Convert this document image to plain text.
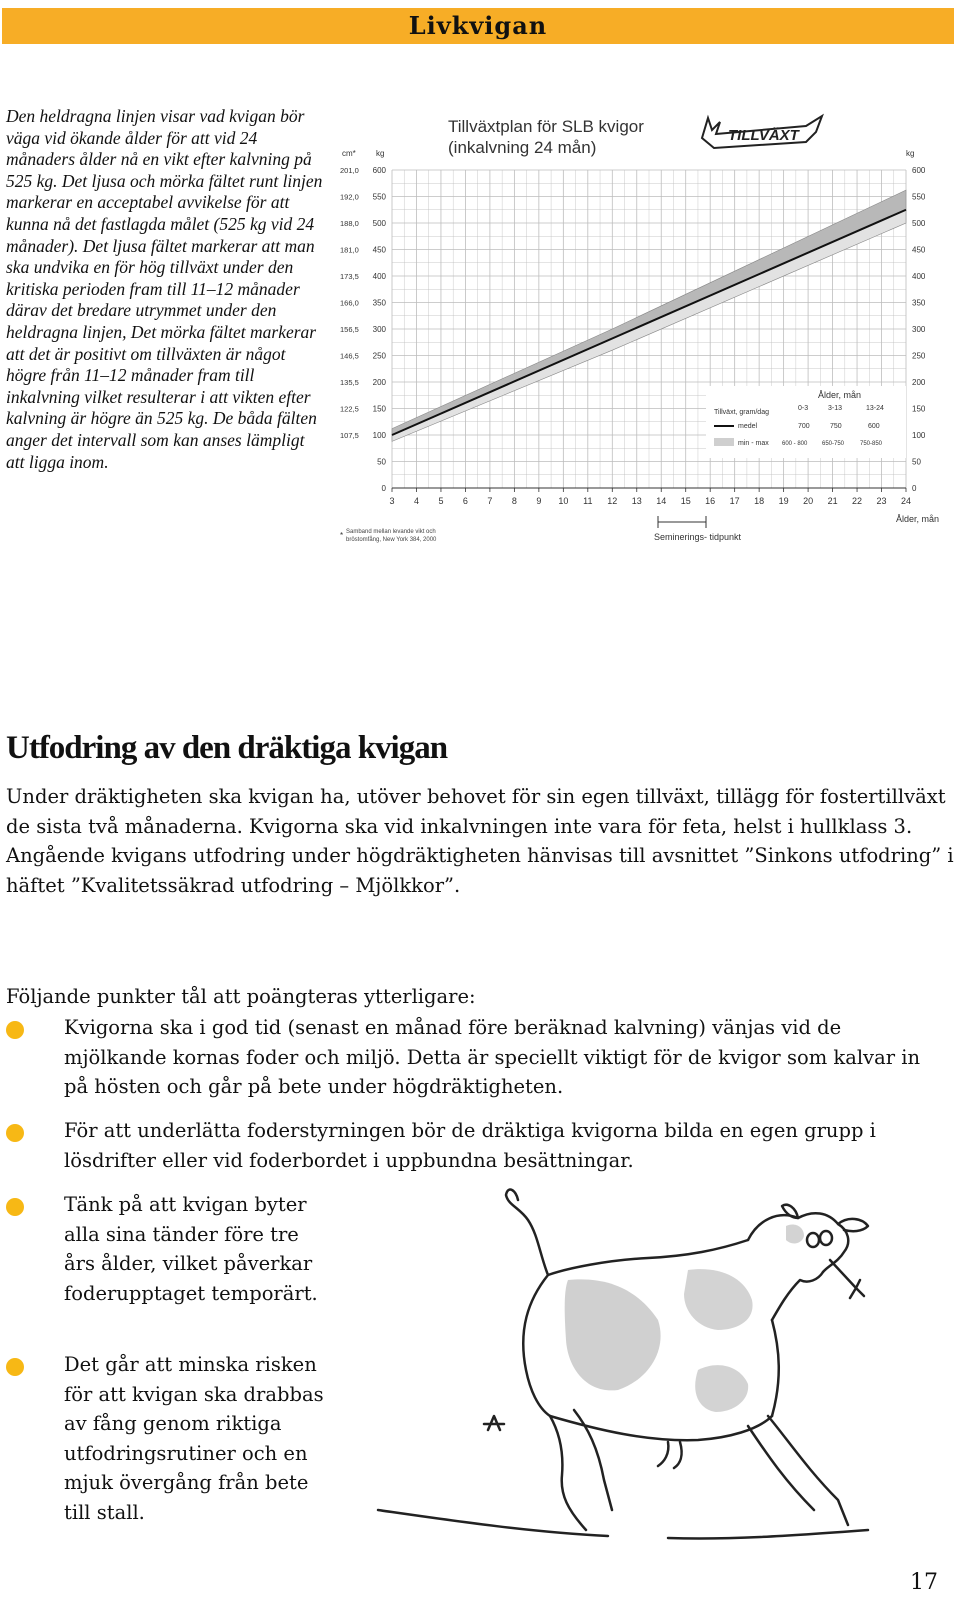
Livkvigan
Den heldragna linjen visar vad kvigan bör väga vid ökande ålder för att vid 24 månaders ålder nå en vikt efter kalvning på 525 kg. Det ljusa och mörka fältet runt linjen markerar en acceptabel avvikelse för att kunna nå det fastlagda målet (525 kg vid 24 månader). Det ljusa fältet markerar att man ska undvika en för hög tillväxt under den kritiska perioden fram till 11–12 månader därav det bredare utrymmet under den heldragna linjen, Det mörka fältet markerar att det är positivt om tillväxten är något högre från 11–12 månader fram till inkalvning vilket resulterar i att vikten efter kalvning är högre än 525 kg. De båda fälten anger det intervall som kan anses lämpligt att ligga inom.
Tillväxtplan för SLB kvigor
(inkalvning 24 mån)
TILLVÄXT
cm*	kg	kg
3 4 5 6 7 8 9 10 11 12 13 14 15 16 17 18 19 20 21 22 23 24
0	0
50	50
100	100
150	150
200	200
250	250
300	300
350	350
400	400
450	450
500	500
550	550
600	600
107,5
122,5
135,5
146,5
156,5
166,0
173,5
181,0
188,0
192,0
201,0
Ålder, mån
Tillväxt, gram/dag
0-3	3-13	13-24
medel	700	750	600
min - max 600 - 800 650-750	750-850
Ålder, mån
Seminerings- tidpunkt
* Samband mellan levande vikt och bröstomfång, New York 384, 2000
Utfodring av den dräktiga kvigan
Under dräktigheten ska kvigan ha, utöver behovet för sin egen tillväxt, tillägg för fostertillväxt de sista två månaderna. Kvigorna ska vid inkalvningen inte vara för feta, helst i hullklass 3. Angående kvigans utfodring under högdräktigheten hänvisas till avsnittet ”Sinkons utfodring” i häftet ”Kvalitetssäkrad utfodring – Mjölkkor”.
Följande punkter tål att poängteras ytterligare:
Kvigorna ska i god tid (senast en månad före beräknad kalvning) vänjas vid de mjölkande kornas foder och miljö. Detta är speciellt viktigt för de kvigor som kalvar in på hösten och går på bete under högdräktigheten.
För att underlätta foderstyrningen bör de dräktiga kvigorna bilda en egen grupp i lösdrifter eller vid foderbordet i uppbundna besättningar.
Tänk på att kvigan byter alla sina tänder före tre års ålder, vilket påverkar foderupptaget temporärt.
Det går att minska risken för att kvigan ska drabbas av fång genom riktiga utfodringsrutiner och en mjuk övergång från bete till stall.
17
